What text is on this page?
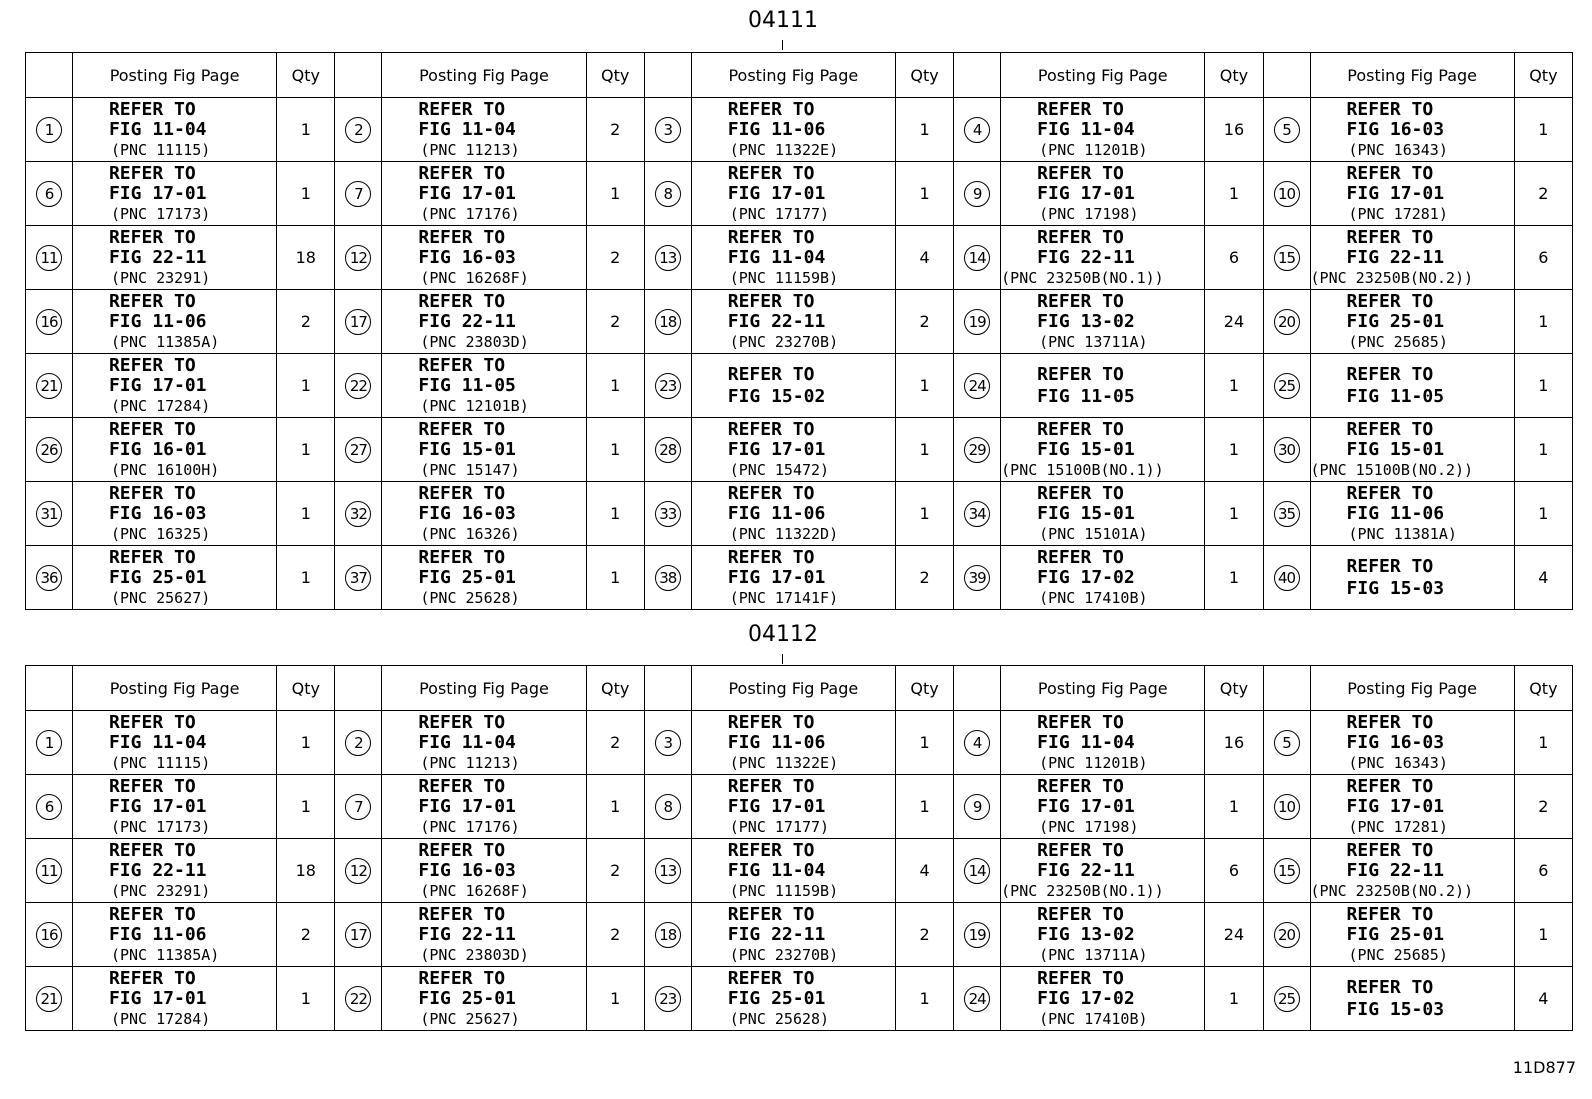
04111
	Posting Fig Page	Qty		Posting Fig Page	Qty		Posting Fig Page	Qty		Posting Fig Page	Qty		Posting Fig Page	Qty
1	REFER TO
FIG 11-04
(PNC 11115)	1	2	REFER TO
FIG 11-04
(PNC 11213)	2	3	REFER TO
FIG 11-06
(PNC 11322E)	1	4	REFER TO
FIG 11-04
(PNC 11201B)	16	5	REFER TO
FIG 16-03
(PNC 16343)	1
6	REFER TO
FIG 17-01
(PNC 17173)	1	7	REFER TO
FIG 17-01
(PNC 17176)	1	8	REFER TO
FIG 17-01
(PNC 17177)	1	9	REFER TO
FIG 17-01
(PNC 17198)	1	10	REFER TO
FIG 17-01
(PNC 17281)	2
11	REFER TO
FIG 22-11
(PNC 23291)	18	12	REFER TO
FIG 16-03
(PNC 16268F)	2	13	REFER TO
FIG 11-04
(PNC 11159B)	4	14	REFER TO
FIG 22-11
(PNC 23250B(NO.1))	6	15	REFER TO
FIG 22-11
(PNC 23250B(NO.2))	6
16	REFER TO
FIG 11-06
(PNC 11385A)	2	17	REFER TO
FIG 22-11
(PNC 23803D)	2	18	REFER TO
FIG 22-11
(PNC 23270B)	2	19	REFER TO
FIG 13-02
(PNC 13711A)	24	20	REFER TO
FIG 25-01
(PNC 25685)	1
21	REFER TO
FIG 17-01
(PNC 17284)	1	22	REFER TO
FIG 11-05
(PNC 12101B)	1	23	REFER TO
FIG 15-02	1	24	REFER TO
FIG 11-05	1	25	REFER TO
FIG 11-05	1
26	REFER TO
FIG 16-01
(PNC 16100H)	1	27	REFER TO
FIG 15-01
(PNC 15147)	1	28	REFER TO
FIG 17-01
(PNC 15472)	1	29	REFER TO
FIG 15-01
(PNC 15100B(NO.1))	1	30	REFER TO
FIG 15-01
(PNC 15100B(NO.2))	1
31	REFER TO
FIG 16-03
(PNC 16325)	1	32	REFER TO
FIG 16-03
(PNC 16326)	1	33	REFER TO
FIG 11-06
(PNC 11322D)	1	34	REFER TO
FIG 15-01
(PNC 15101A)	1	35	REFER TO
FIG 11-06
(PNC 11381A)	1
36	REFER TO
FIG 25-01
(PNC 25627)	1	37	REFER TO
FIG 25-01
(PNC 25628)	1	38	REFER TO
FIG 17-01
(PNC 17141F)	2	39	REFER TO
FIG 17-02
(PNC 17410B)	1	40	REFER TO
FIG 15-03	4
04112
	Posting Fig Page	Qty		Posting Fig Page	Qty		Posting Fig Page	Qty		Posting Fig Page	Qty		Posting Fig Page	Qty
1	REFER TO
FIG 11-04
(PNC 11115)	1	2	REFER TO
FIG 11-04
(PNC 11213)	2	3	REFER TO
FIG 11-06
(PNC 11322E)	1	4	REFER TO
FIG 11-04
(PNC 11201B)	16	5	REFER TO
FIG 16-03
(PNC 16343)	1
6	REFER TO
FIG 17-01
(PNC 17173)	1	7	REFER TO
FIG 17-01
(PNC 17176)	1	8	REFER TO
FIG 17-01
(PNC 17177)	1	9	REFER TO
FIG 17-01
(PNC 17198)	1	10	REFER TO
FIG 17-01
(PNC 17281)	2
11	REFER TO
FIG 22-11
(PNC 23291)	18	12	REFER TO
FIG 16-03
(PNC 16268F)	2	13	REFER TO
FIG 11-04
(PNC 11159B)	4	14	REFER TO
FIG 22-11
(PNC 23250B(NO.1))	6	15	REFER TO
FIG 22-11
(PNC 23250B(NO.2))	6
16	REFER TO
FIG 11-06
(PNC 11385A)	2	17	REFER TO
FIG 22-11
(PNC 23803D)	2	18	REFER TO
FIG 22-11
(PNC 23270B)	2	19	REFER TO
FIG 13-02
(PNC 13711A)	24	20	REFER TO
FIG 25-01
(PNC 25685)	1
21	REFER TO
FIG 17-01
(PNC 17284)	1	22	REFER TO
FIG 25-01
(PNC 25627)	1	23	REFER TO
FIG 25-01
(PNC 25628)	1	24	REFER TO
FIG 17-02
(PNC 17410B)	1	25	REFER TO
FIG 15-03	4
11D877
